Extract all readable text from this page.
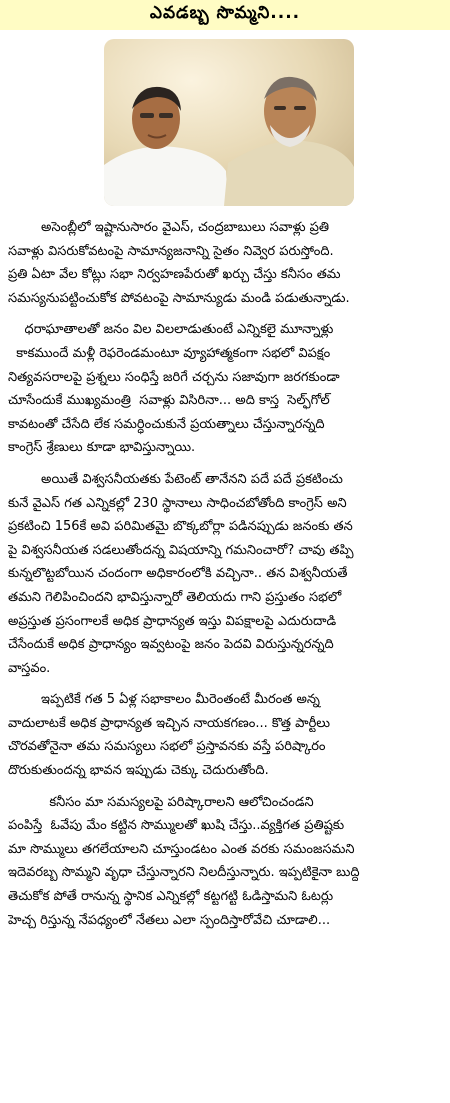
ఎవడబ్బ సొమ్మని....
అసెంబ్లీలో ఇష్టానుసారం వైఎస్, చంద్రబాబులు సవాళ్లు ప్రతి
సవాళ్లు విసరుకోవటంపై సామాన్యజనాన్ని సైతం నివ్వెర పరుస్తోంది.
ప్రతి ఏటా వేల కోట్లు సభా నిర్వహణపేరుతో ఖర్చు చేస్తు కనీసం తమ
సమస్యనుపట్టించుకోక పోవటంపై సామాన్యుడు మండి పడుతున్నాడు.
ధరాఘాతాలతో జనం విల విలలాడుతుంటే ఎన్నికలై మూన్నాళ్లు
కాకముందే మళ్లీ రెఫరెండమంటూ వ్యూహాత్మకంగా సభలో విపక్షం
నిత్యవసరాలపై ప్రశ్నలు సంధిస్తే జరిగే చర్చను సజావుగా జరగకుండా
చూసేందుకే ముఖ్యమంత్రి  సవాళ్లు విసిరినా... అది కాస్త  సెల్ఫ్‌గోల్
కావటంతో చేసేది లేక సమర్ధించుకునే ప్రయత్నాలు చేస్తున్నారన్నది
కాంగ్రెస్ శ్రేణులు కూడా భావిస్తున్నాయి.
అయితే విశ్వసనీయతకు పేటెంట్ తానేనని పదే పదే ప్రకటించు
కునే వైఎస్ గత ఎన్నికల్లో 230 స్థానాలు సాధించబోతోంది కాంగ్రెస్ అని
ప్రకటించి 156కే అవి పరిమితమై బొక్కబోర్లా పడినప్పుడు జనంకు తన
పై విశ్వసనీయత సడలుతోందన్న విషయాన్ని గమనించారో? చావు తప్పి
కున్నలొట్టబోయిన చందంగా అధికారంలోకి వచ్చినా.. తన విశ్వనీయతే
తమని గెలిపించిందని భావిస్తున్నారో తెలియదు గాని ప్రస్తుతం సభలో
అప్రస్తుత ప్రసంగాలకే అధిక ప్రాధాన్యత ఇస్తు విపక్షాలపై ఎదురుదాడి
చేసేందుకే అధిక ప్రాధాన్యం ఇవ్వటంపై జనం పెదవి విరుస్తున్నరన్నది
వాస్తవం.
ఇప్పటికే గత 5 ఏళ్ల సభాకాలం మీరెంతంటే మీరంత అన్న
వాదులాటకే అధిక ప్రాధాన్యత ఇచ్చిన నాయకగణం... కొత్త పార్టీలు
చొరవతోనైనా తమ సమస్యలు సభలో ప్రస్తావనకు వస్తే పరిష్కారం
దొరుకుతుందన్న భావన ఇప్పుడు చెక్కు చెదురుతోంది.
కనీసం మా సమస్యలపై పరిష్కారాలని ఆలోచించండని
పంపిస్తే  ఓవేపు మేం కట్టిన సొమ్ములతో ఖుషి చేస్తు..వ్యక్తిగత ప్రతిష్టకు
మా సొమ్ములు తగలేయాలని చూస్తుండటం ఎంత వరకు సమంజసమని
ఇదెవరబ్బ సొమ్మని వృధా చేస్తున్నారని నిలదీస్తున్నారు. ఇప్పటికైనా బుద్ది
తెచుకోక పోతే రానున్న స్థానిక ఎన్నికల్లో కట్టగట్టి ఓడిస్తామని ఓటర్లు
హెచ్చ రిస్తున్న నేపధ్యంలో నేతలు ఎలా స్పందిస్తారోవేచి చూడాలి...
